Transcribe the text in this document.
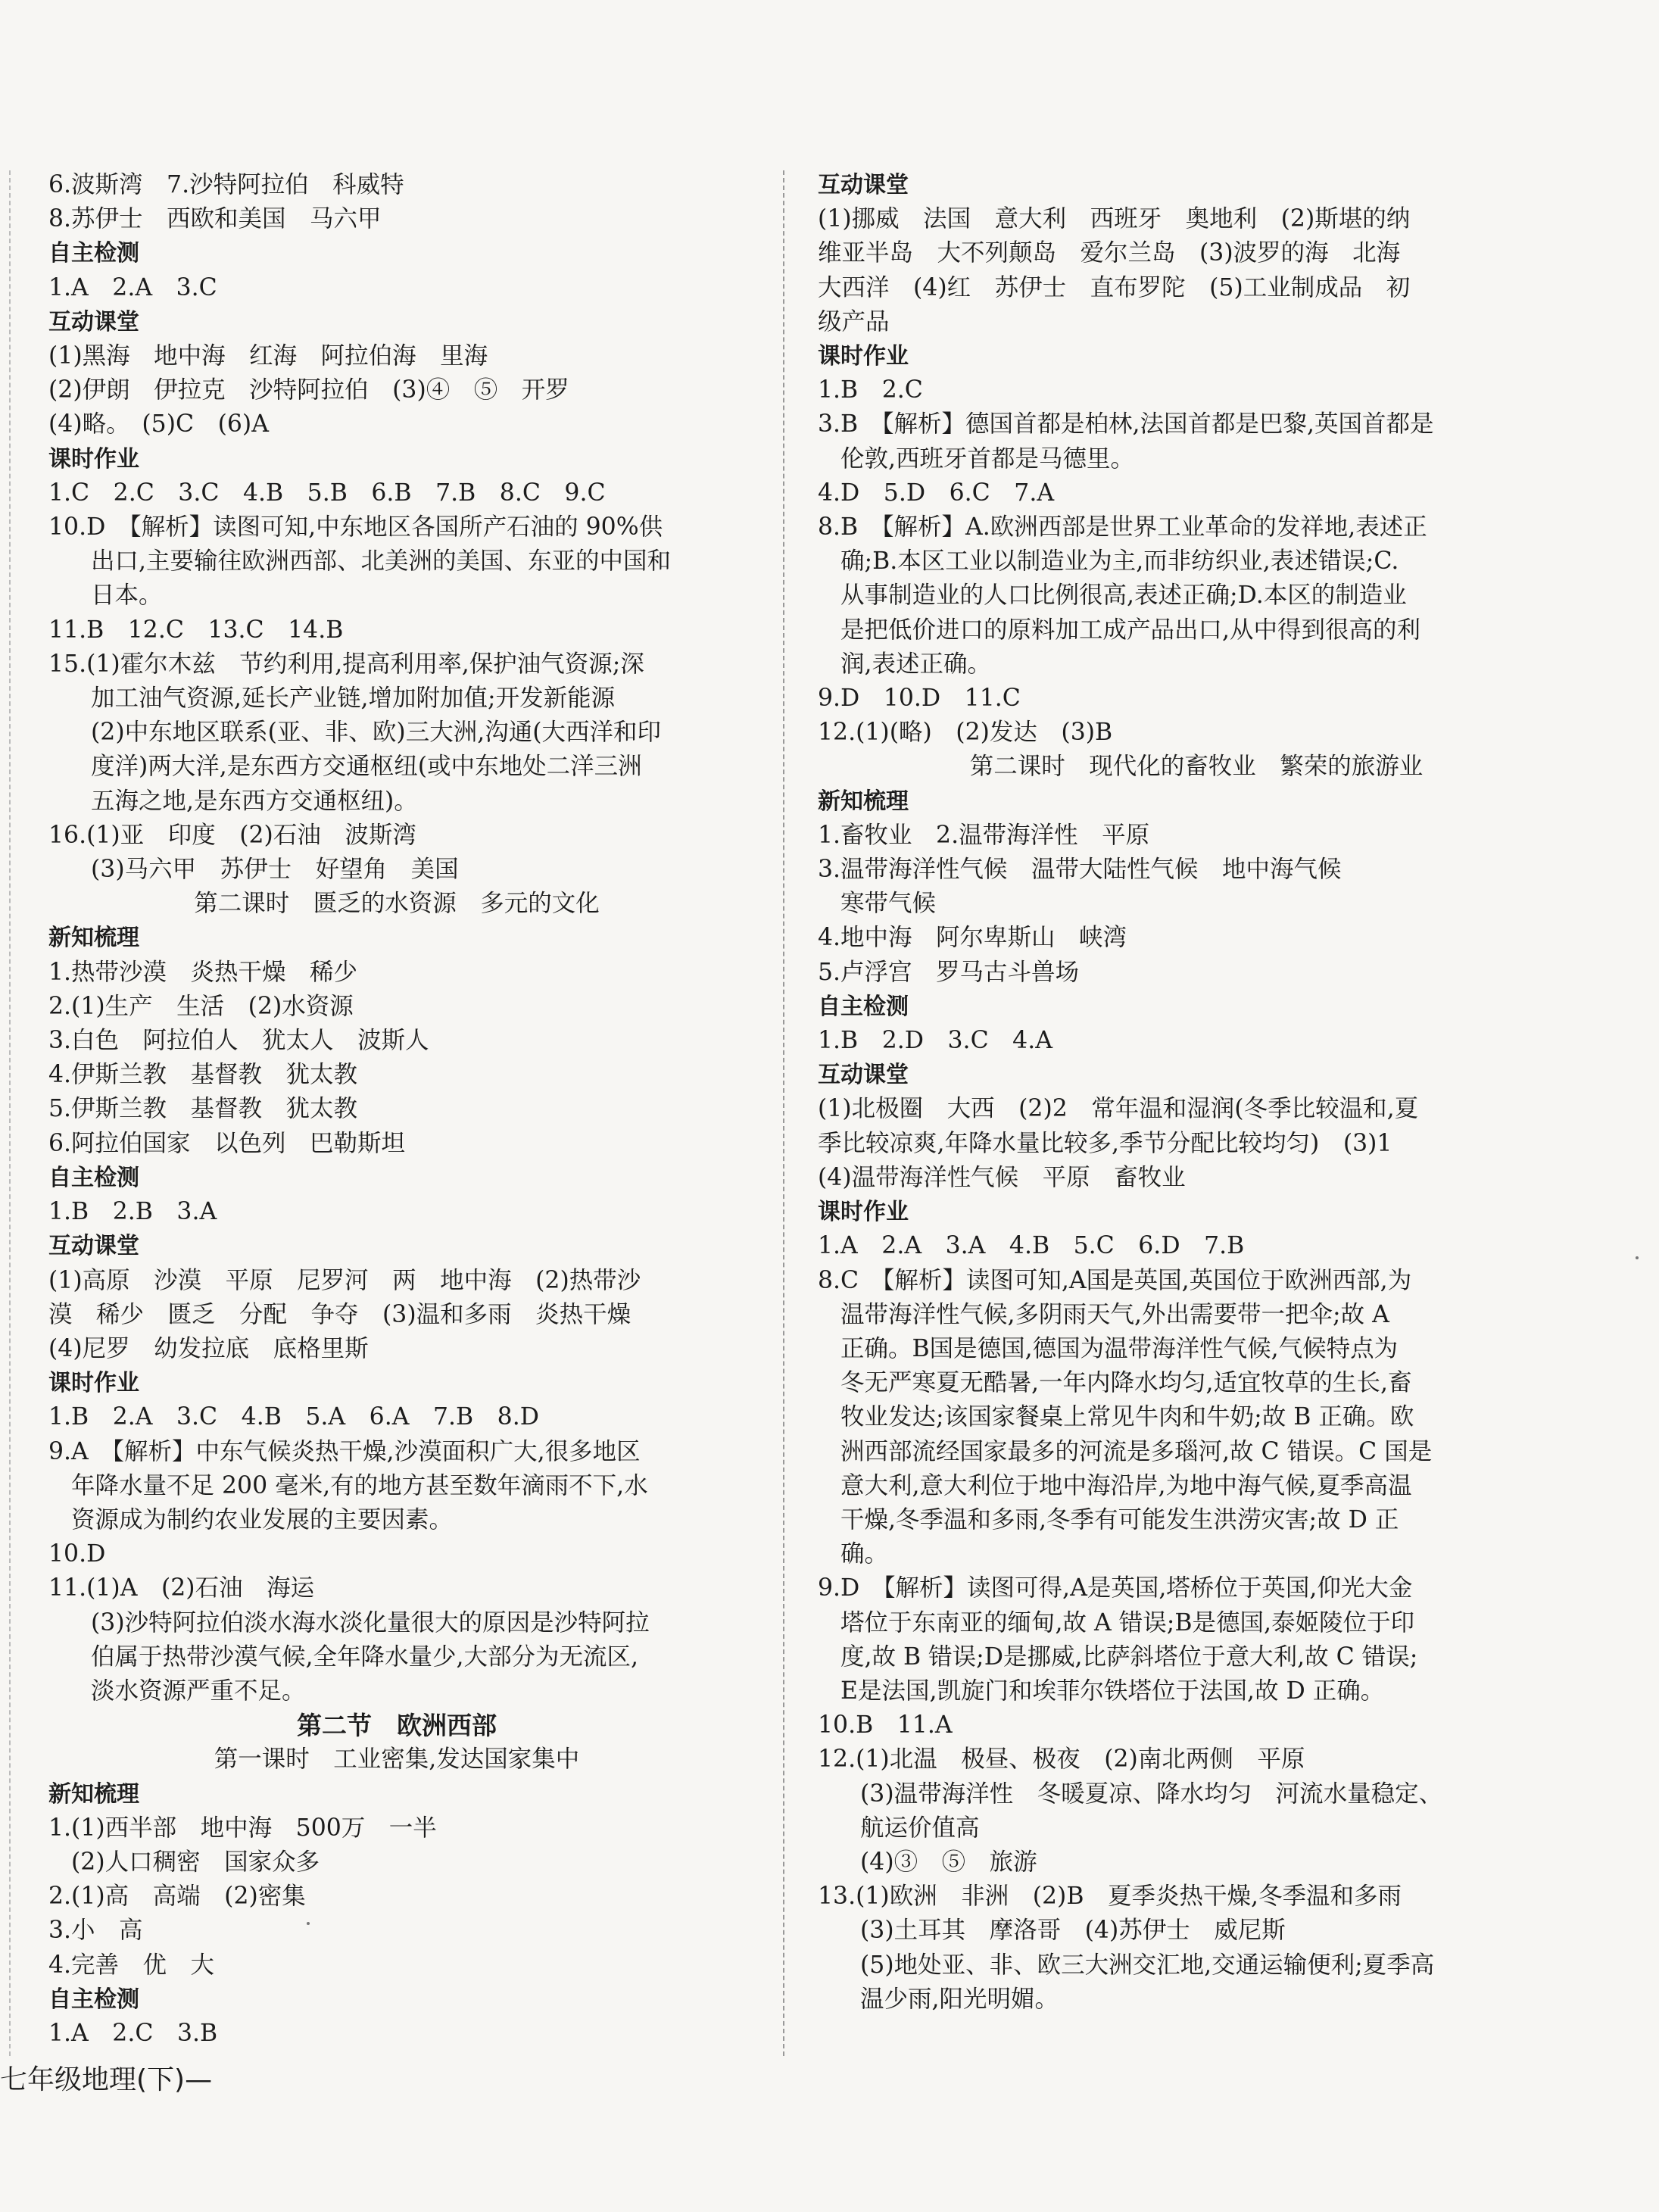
6.波斯湾　7.沙特阿拉伯　科威特
8.苏伊士　西欧和美国　马六甲
自主检测
1.A　2.A　3.C
互动课堂
(1)黑海　地中海　红海　阿拉伯海　里海
(2)伊朗　伊拉克　沙特阿拉伯　(3)④　⑤　开罗
(4)略。　(5)C　(6)A
课时作业
1.C　2.C　3.C　4.B　5.B　6.B　7.B　8.C　9.C
10.D　【解析】读图可知,中东地区各国所产石油的 90%供
出口,主要输往欧洲西部、北美洲的美国、东亚的中国和
日本。
11.B　12.C　13.C　14.B
15.(1)霍尔木兹　节约利用,提高利用率,保护油气资源;深
加工油气资源,延长产业链,增加附加值;开发新能源
(2)中东地区联系(亚、非、欧)三大洲,沟通(大西洋和印
度洋)两大洋,是东西方交通枢纽(或中东地处二洋三洲
五海之地,是东西方交通枢纽)。
16.(1)亚　印度　(2)石油　波斯湾
(3)马六甲　苏伊士　好望角　美国
第二课时　匮乏的水资源　多元的文化
新知梳理
1.热带沙漠　炎热干燥　稀少
2.(1)生产　生活　(2)水资源
3.白色　阿拉伯人　犹太人　波斯人
4.伊斯兰教　基督教　犹太教
5.伊斯兰教　基督教　犹太教
6.阿拉伯国家　以色列　巴勒斯坦
自主检测
1.B　2.B　3.A
互动课堂
(1)高原　沙漠　平原　尼罗河　两　地中海　(2)热带沙
漠　稀少　匮乏　分配　争夺　(3)温和多雨　炎热干燥
(4)尼罗　幼发拉底　底格里斯
课时作业
1.B　2.A　3.C　4.B　5.A　6.A　7.B　8.D
9.A　【解析】中东气候炎热干燥,沙漠面积广大,很多地区
年降水量不足 200 毫米,有的地方甚至数年滴雨不下,水
资源成为制约农业发展的主要因素。
10.D
11.(1)A　(2)石油　海运
(3)沙特阿拉伯淡水海水淡化量很大的原因是沙特阿拉
伯属于热带沙漠气候,全年降水量少,大部分为无流区,
淡水资源严重不足。
第二节　欧洲西部
第一课时　工业密集,发达国家集中
新知梳理
1.(1)西半部　地中海　500万　一半
(2)人口稠密　国家众多
2.(1)高　高端　(2)密集
3.小　高
4.完善　优　大
自主检测
1.A　2.C　3.B
互动课堂
(1)挪威　法国　意大利　西班牙　奥地利　(2)斯堪的纳
维亚半岛　大不列颠岛　爱尔兰岛　(3)波罗的海　北海
大西洋　(4)红　苏伊士　直布罗陀　(5)工业制成品　初
级产品
课时作业
1.B　2.C
3.B　【解析】德国首都是柏林,法国首都是巴黎,英国首都是
伦敦,西班牙首都是马德里。
4.D　5.D　6.C　7.A
8.B　【解析】A.欧洲西部是世界工业革命的发祥地,表述正
确;B.本区工业以制造业为主,而非纺织业,表述错误;C.
从事制造业的人口比例很高,表述正确;D.本区的制造业
是把低价进口的原料加工成产品出口,从中得到很高的利
润,表述正确。
9.D　10.D　11.C
12.(1)(略)　(2)发达　(3)B
第二课时　现代化的畜牧业　繁荣的旅游业
新知梳理
1.畜牧业　2.温带海洋性　平原
3.温带海洋性气候　温带大陆性气候　地中海气候
寒带气候
4.地中海　阿尔卑斯山　峡湾
5.卢浮宫　罗马古斗兽场
自主检测
1.B　2.D　3.C　4.A
互动课堂
(1)北极圈　大西　(2)2　常年温和湿润(冬季比较温和,夏
季比较凉爽,年降水量比较多,季节分配比较均匀)　(3)1
(4)温带海洋性气候　平原　畜牧业
课时作业
1.A　2.A　3.A　4.B　5.C　6.D　7.B
8.C　【解析】读图可知,A国是英国,英国位于欧洲西部,为
温带海洋性气候,多阴雨天气,外出需要带一把伞;故 A
正确。B国是德国,德国为温带海洋性气候,气候特点为
冬无严寒夏无酷暑,一年内降水均匀,适宜牧草的生长,畜
牧业发达;该国家餐桌上常见牛肉和牛奶;故 B 正确。欧
洲西部流经国家最多的河流是多瑙河,故 C 错误。C 国是
意大利,意大利位于地中海沿岸,为地中海气候,夏季高温
干燥,冬季温和多雨,冬季有可能发生洪涝灾害;故 D 正
确。
9.D　【解析】读图可得,A是英国,塔桥位于英国,仰光大金
塔位于东南亚的缅甸,故 A 错误;B是德国,泰姬陵位于印
度,故 B 错误;D是挪威,比萨斜塔位于意大利,故 C 错误;
E是法国,凯旋门和埃菲尔铁塔位于法国,故 D 正确。
10.B　11.A
12.(1)北温　极昼、极夜　(2)南北两侧　平原
(3)温带海洋性　冬暖夏凉、降水均匀　河流水量稳定、
航运价值高
(4)③　⑤　旅游
13.(1)欧洲　非洲　(2)B　夏季炎热干燥,冬季温和多雨
(3)土耳其　摩洛哥　(4)苏伊士　威尼斯
(5)地处亚、非、欧三大洲交汇地,交通运输便利;夏季高
温少雨,阳光明媚。
七年级地理(下)—
